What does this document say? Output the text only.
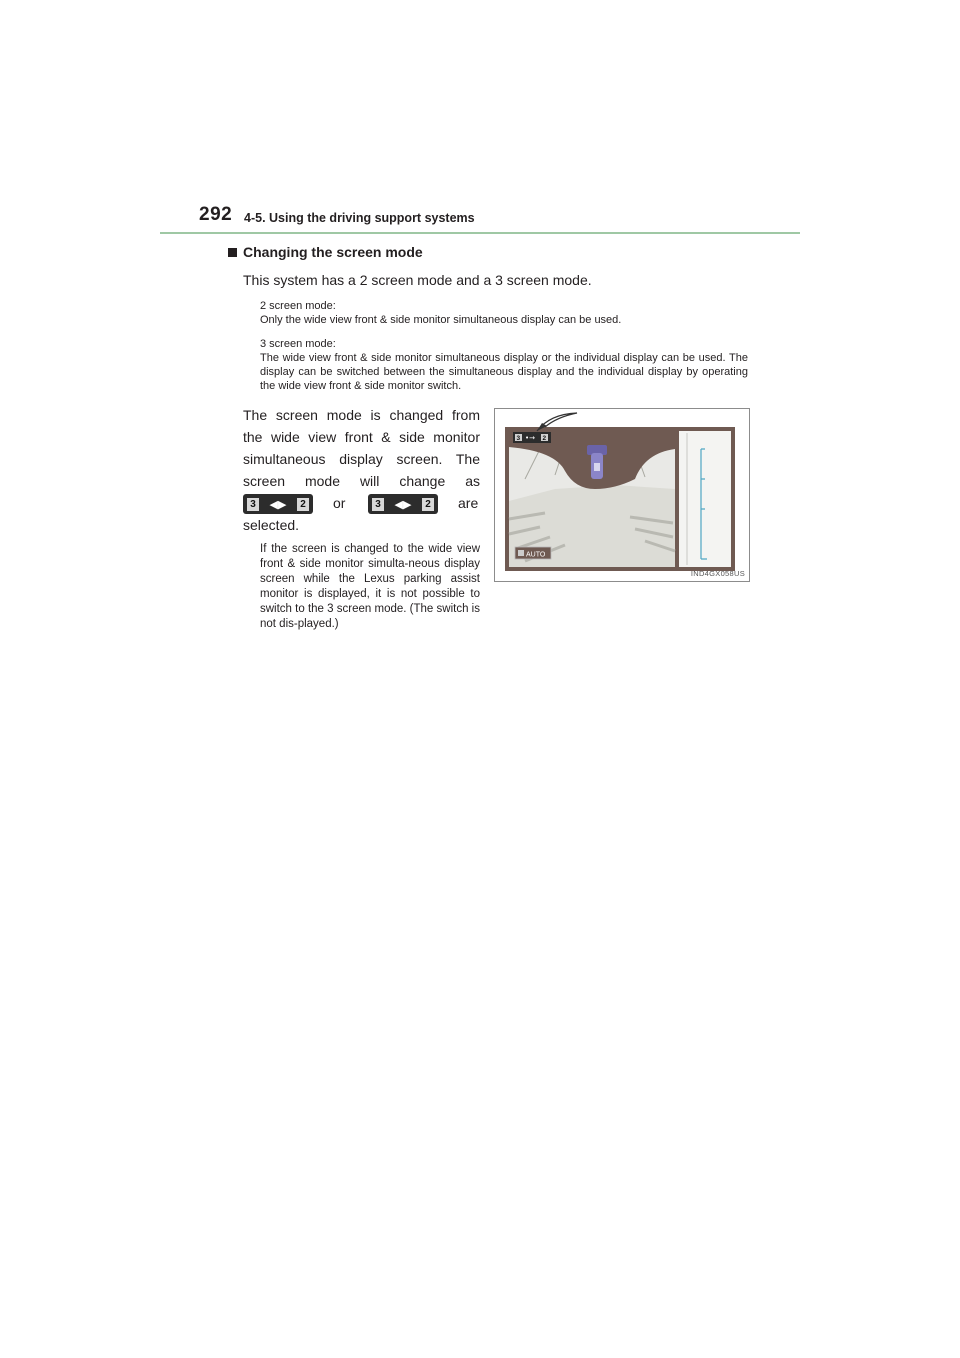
292 4-5. Using the driving support systems
Changing the screen mode
This system has a 2 screen mode and a 3 screen mode.
2 screen mode:
Only the wide view front & side monitor simultaneous display can be used.
3 screen mode:
The wide view front & side monitor simultaneous display or the individual display can be used. The display can be switched between the simultaneous display and the individual display by operating the wide view front & side monitor switch.
The screen mode is changed from
the wide view front & side monitor
simultaneous display screen. The
screen mode will change as
3 ◀▶	2 or	3 ◀▶	2 are
selected.
If the screen is changed to the wide view front & side monitor simulta-neous display screen while the Lexus parking assist monitor is displayed, it is not possible to switch to the 3 screen mode. (The switch is not dis-played.)
3 •→ 2
AUTO
IND4GX058US
